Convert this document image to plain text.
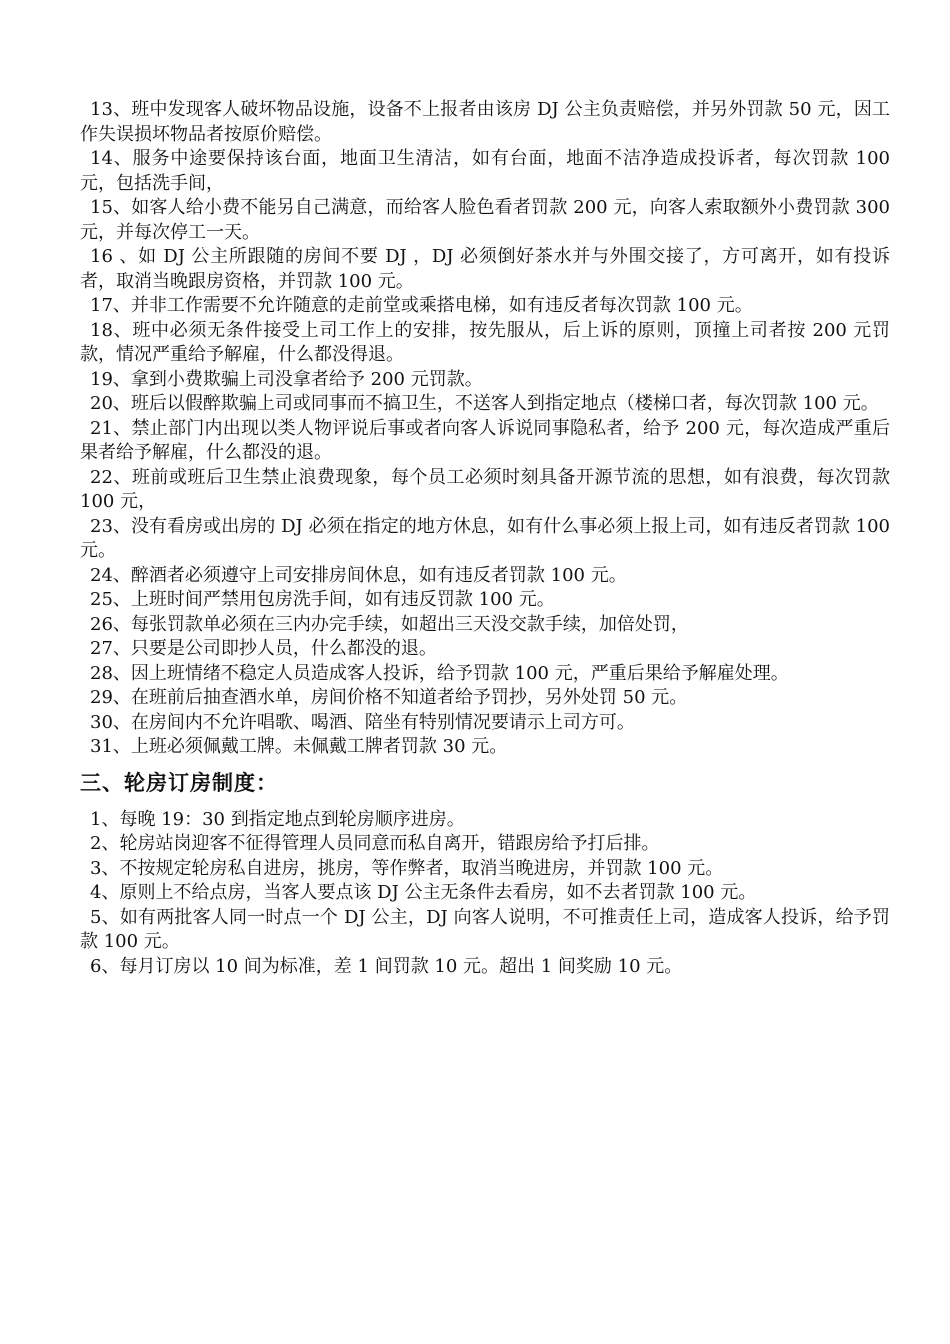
13、班中发现客人破坏物品设施，设备不上报者由该房 DJ 公主负责赔偿，并另外罚款 50 元，因工作失误损坏物品者按原价赔偿。

14、服务中途要保持该台面，地面卫生清洁，如有台面，地面不洁净造成投诉者，每次罚款 100 元，包括洗手间，

15、如客人给小费不能另自己满意，而给客人脸色看者罚款 200 元，向客人索取额外小费罚款 300 元，并每次停工一天。

16 、如 DJ 公主所跟随的房间不要 DJ ，DJ 必须倒好茶水并与外围交接了，方可离开，如有投诉者，取消当晚跟房资格，并罚款 100 元。

17、并非工作需要不允许随意的走前堂或乘搭电梯，如有违反者每次罚款 100 元。

18、班中必须无条件接受上司工作上的安排，按先服从，后上诉的原则，顶撞上司者按 200 元罚款，情况严重给予解雇，什么都没得退。

19、拿到小费欺骗上司没拿者给予 200 元罚款。

20、班后以假醉欺骗上司或同事而不搞卫生，不送客人到指定地点（楼梯口者，每次罚款 100 元。

21、禁止部门内出现以类人物评说后事或者向客人诉说同事隐私者，给予 200 元，每次造成严重后果者给予解雇，什么都没的退。

22、班前或班后卫生禁止浪费现象，每个员工必须时刻具备开源节流的思想，如有浪费，每次罚款 100 元，

23、没有看房或出房的 DJ 必须在指定的地方休息，如有什么事必须上报上司，如有违反者罚款 100 元。

24、醉酒者必须遵守上司安排房间休息，如有违反者罚款 100 元。

25、上班时间严禁用包房洗手间，如有违反罚款 100 元。

26、每张罚款单必须在三内办完手续，如超出三天没交款手续，加倍处罚，

27、只要是公司即抄人员，什么都没的退。

28、因上班情绪不稳定人员造成客人投诉，给予罚款 100 元，严重后果给予解雇处理。

29、在班前后抽查酒水单，房间价格不知道者给予罚抄，另外处罚 50 元。

30、在房间内不允许唱歌、喝酒、陪坐有特别情况要请示上司方可。

31、上班必须佩戴工牌。未佩戴工牌者罚款 30 元。

三、轮房订房制度：

1、每晚 19：30 到指定地点到轮房顺序进房。

2、轮房站岗迎客不征得管理人员同意而私自离开，错跟房给予打后排。

3、不按规定轮房私自进房，挑房，等作弊者，取消当晚进房，并罚款 100 元。

4、原则上不给点房，当客人要点该 DJ 公主无条件去看房，如不去者罚款 100 元。

5、如有两批客人同一时点一个 DJ 公主，DJ 向客人说明，不可推责任上司，造成客人投诉，给予罚款 100 元。

6、每月订房以 10 间为标准，差 1 间罚款 10 元。超出 1 间奖励 10 元。
